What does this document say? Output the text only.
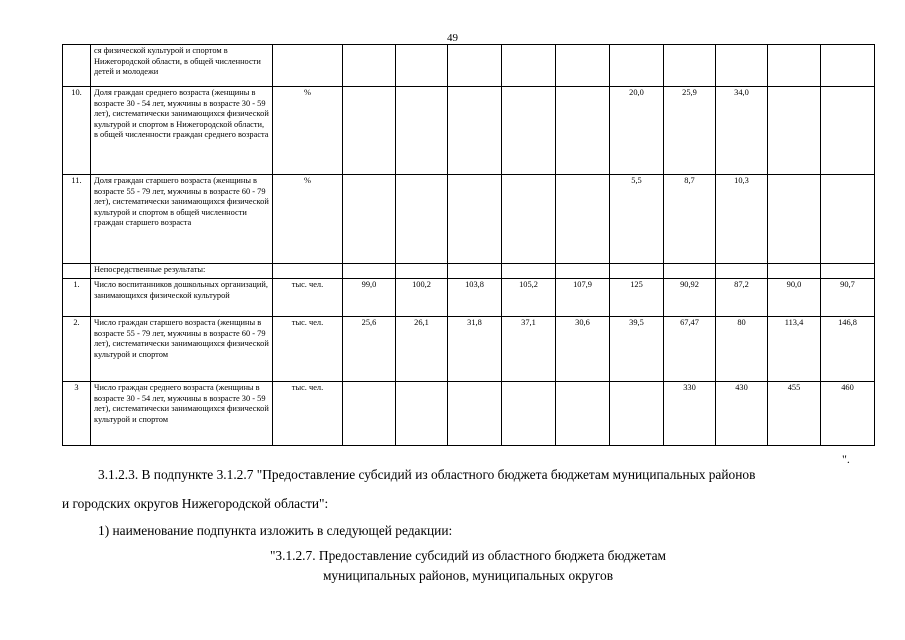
49
	ся физической культурой и спортом в Нижегородской области, в общей численности детей и молодежи											
10.	Доля граждан среднего возраста (женщины в возрасте 30 - 54 лет, мужчины в возрасте 30 - 59 лет), систематически занимающихся физической культурой и спортом в Нижегородской области, в общей численности граждан среднего возраста	%						20,0	25,9	34,0		
11.	Доля граждан старшего возраста (женщины в возрасте 55 - 79 лет, мужчины в возрасте 60 - 79 лет), систематически занимающихся физической культурой и спортом в общей численности граждан старшего возраста	%						5,5	8,7	10,3		
	Непосредственные результаты:											
1.	Число воспитанников дошкольных организаций, занимающихся физической культурой	тыс. чел.	99,0	100,2	103,8	105,2	107,9	125	90,92	87,2	90,0	90,7
2.	Число граждан старшего возраста (женщины в возрасте 55 - 79 лет, мужчины в возрасте 60 - 79 лет), систематически занимающихся физической культурой и спортом	тыс. чел.	25,6	26,1	31,8	37,1	30,6	39,5	67,47	80	113,4	146,8
3	Число граждан среднего возраста (женщины в возрасте 30 - 54 лет, мужчины в возрасте 30 - 59 лет), систематически занимающихся физической культурой и спортом	тыс. чел.							330	430	455	460
".
3.1.2.3. В подпункте 3.1.2.7 "Предоставление субсидий из областного бюджета бюджетам муниципальных районов
и городских округов Нижегородской области":
1) наименование подпункта изложить в следующей редакции:
"3.1.2.7. Предоставление субсидий из областного бюджета бюджетам
муниципальных районов, муниципальных округов
